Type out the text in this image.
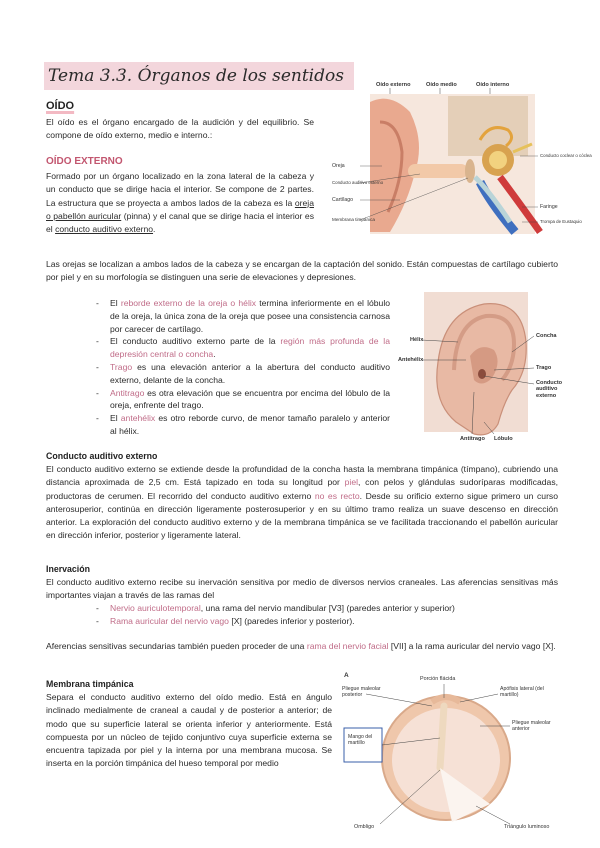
Tema 3.3. Órganos de los sentidos
OÍDO

El oído es el órgano encargado de la audición y del equilibrio. Se compone de oído externo, medio e interno.:

OÍDO EXTERNO

Formado por un órgano localizado en la zona lateral de la cabeza y un conducto que se dirige hacia el interior. Se compone de 2 partes. La estructura que se proyecta a ambos lados de la cabeza es la oreja o pabellón auricular (pinna) y el canal que se dirige hacia el interior es el conducto auditivo externo.

Oído externo	Oído medio	Oído interno
Oreja
Conducto auditivo externo
Cartílago
Membrana timpánica
Conducto coclear o cóclea
Faringe
Trompa de Eustaquio

Las orejas se localizan a ambos lados de la cabeza y se encargan de la captación del sonido. Están compuestas de cartílago cubierto por piel y en su morfología se distinguen una serie de elevaciones y depresiones.

- El reborde externo de la oreja o hélix termina inferiormente en el lóbulo de la oreja, la única zona de la oreja que posee una consistencia carnosa por carecer de cartílago.
- El conducto auditivo externo parte de la región más profunda de la depresión central o concha.
- Trago es una elevación anterior a la abertura del conducto auditivo externo, delante de la concha.
- Antitrago es otra elevación que se encuentra por encima del lóbulo de la oreja, enfrente del trago.
- El antehélix es otro reborde curvo, de menor tamaño paralelo y anterior al hélix.
Hélix
Antehélix
Concha
Trago
Conducto auditivo externo
Antitrago Lóbulo
Conducto auditivo externo

El conducto auditivo externo se extiende desde la profundidad de la concha hasta la membrana timpánica (tímpano), cubriendo una distancia aproximada de 2,5 cm. Está tapizado en toda su longitud por piel, con pelos y glándulas sudoríparas modificadas, productoras de cerumen. El recorrido del conducto auditivo externo no es recto. Desde su orificio externo sigue primero un curso anterosuperior, continúa en dirección ligeramente posterosuperior y en su último tramo realiza un suave descenso en dirección anterior. La exploración del conducto auditivo externo y de la membrana timpánica se ve facilitada traccionando el pabellón auricular en dirección inferior, posterior y ligeramente lateral.

Inervación

El conducto auditivo externo recibe su inervación sensitiva por medio de diversos nervios craneales. Las aferencias sensitivas más importantes viajan a través de las ramas del

- Nervio auriculotemporal, una rama del nervio mandibular [V3] (paredes anterior y superior)
- Rama auricular del nervio vago [X] (paredes inferior y posterior).

Aferencias sensitivas secundarias también pueden proceder de una rama del nervio facial [VII] a la rama auricular del nervio vago [X].

Membrana timpánica

Separa el conducto auditivo externo del oído medio. Está en ángulo inclinado medialmente de craneal a caudal y de posterior a anterior; de modo que su superficie lateral se orienta inferior y anteriormente. Está compuesta por un núcleo de tejido conjuntivo cuya superficie externa se encuentra tapizada por piel y la interna por una membrana mucosa. Se inserta en la porción timpánica del hueso temporal por medio

A	Porción flácida
Pliegue maleolar posterior
Apófisis lateral (del martillo)
Pliegue maleolar anterior
Mango del martillo
Ombligo	Triángulo luminoso
